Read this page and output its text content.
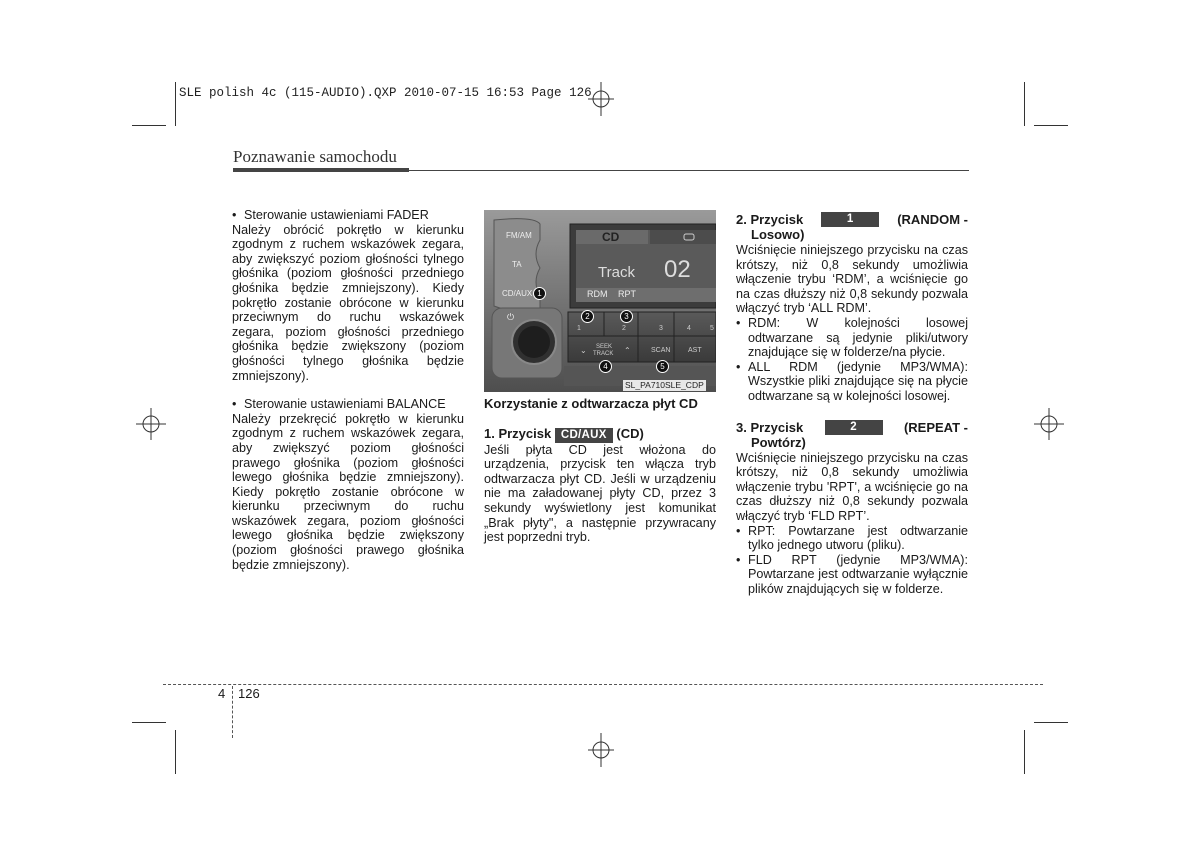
SLE polish 4c (115-AUDIO).QXP 2010-07-15 16:53 Page 126
Poznawanie samochodu
• Sterowanie ustawieniami FADER

Należy obrócić pokrętło w kierunku zgodnym z ruchem wskazówek zegara, aby zwiększyć poziom głośności tylnego głośnika (poziom głośności przedniego głośnika będzie zmniejszony). Kiedy pokrętło zostanie obrócone w kierunku przeciwnym do ruchu wskazówek zegara, poziom głośności przedniego głośnika będzie zwiększony (poziom głośności tylnego głośnika będzie zmniejszony).

• Sterowanie ustawieniami BALANCE

Należy przekręcić pokrętło w kierunku zgodnym z ruchem wskazówek zegara, aby zwiększyć poziom głośności prawego głośnika (poziom głośności lewego głośnika będzie zmniejszony). Kiedy pokrętło zostanie obrócone w kierunku przeciwnym do ruchu wskazówek zegara, poziom głośności lewego głośnika będzie zwiększony (poziom głośności prawego głośnika będzie zmniejszony).

⏻
FM/AM
TA
CD/AUX
CD
Track 02
RDM RPT
1	2	3	4	5
SEEK
TRACK
⌄	⌃	SCAN	AST
1
2	3
4	5
SL_PA710SLE_CDP
Korzystanie z odtwarzacza płyt CD
1. Przycisk CD/AUX (CD)

Jeśli płyta CD jest włożona do urządzenia, przycisk ten włącza tryb odtwarzacza płyt CD. Jeśli w urządzeniu nie ma załadowanej płyty CD, przez 3 sekundy wyświetlony jest komunikat „Brak płyty", a następnie przywracany jest poprzedni tryb.

2. Przycisk	1	(RANDOM -
Losowo)

Wciśnięcie niniejszego przycisku na czas krótszy, niż 0,8 sekundy umożliwia włączenie trybu ‘RDM’, a wciśnięcie go na czas dłuższy niż 0,8 sekundy pozwala włączyć tryb ‘ALL RDM’.

• RDM: W kolejności losowej odtwarzane są jedynie pliki/utwory znajdujące się w folderze/na płycie.
• ALL RDM (jedynie MP3/WMA): Wszystkie pliki znajdujące się na płycie odtwarzane są w kolejności losowej.
3. Przycisk	2	(REPEAT -
Powtórz)

Wciśnięcie niniejszego przycisku na czas krótszy, niż 0,8 sekundy umożliwia włączenie trybu 'RPT', a wciśnięcie go na czas dłuższy niż 0,8 sekundy pozwala włączyć tryb ‘FLD RPT’.

• RPT: Powtarzane jest odtwarzanie tylko jednego utworu (pliku).
• FLD RPT (jedynie MP3/WMA): Powtarzane jest odtwarzanie wyłącznie plików znajdujących się w folderze.
4 126
